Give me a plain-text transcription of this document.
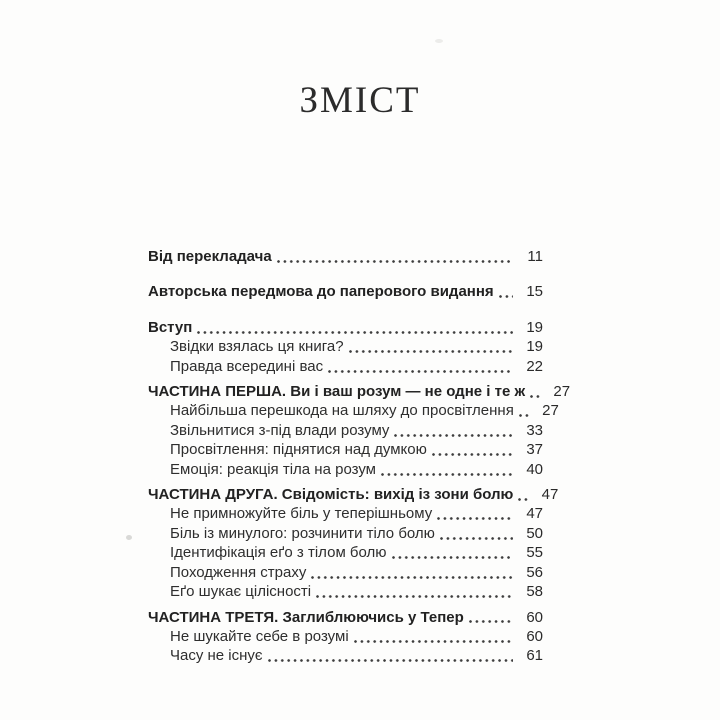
ЗМІСТ
Від перекладача	11
Авторська передмова до паперового видання	15
Вступ	19
Звідки взялась ця книга?	19
Правда всередині вас	22
ЧАСТИНА ПЕРША. Ви і ваш розум — не одне і те ж	27
Найбільша перешкода на шляху до просвітлення	27
Звільнитися з-під влади розуму	33
Просвітлення: піднятися над думкою	37
Емоція: реакція тіла на розум	40
ЧАСТИНА ДРУГА. Свідомість: вихід із зони болю	47
Не примножуйте біль у теперішньому	47
Біль із минулого: розчинити тіло болю	50
Ідентифікація еґо з тілом болю	55
Походження страху	56
Еґо шукає цілісності	58
ЧАСТИНА ТРЕТЯ. Заглиблюючись у Тепер	60
Не шукайте себе в розумі	60
Часу не існує	61
